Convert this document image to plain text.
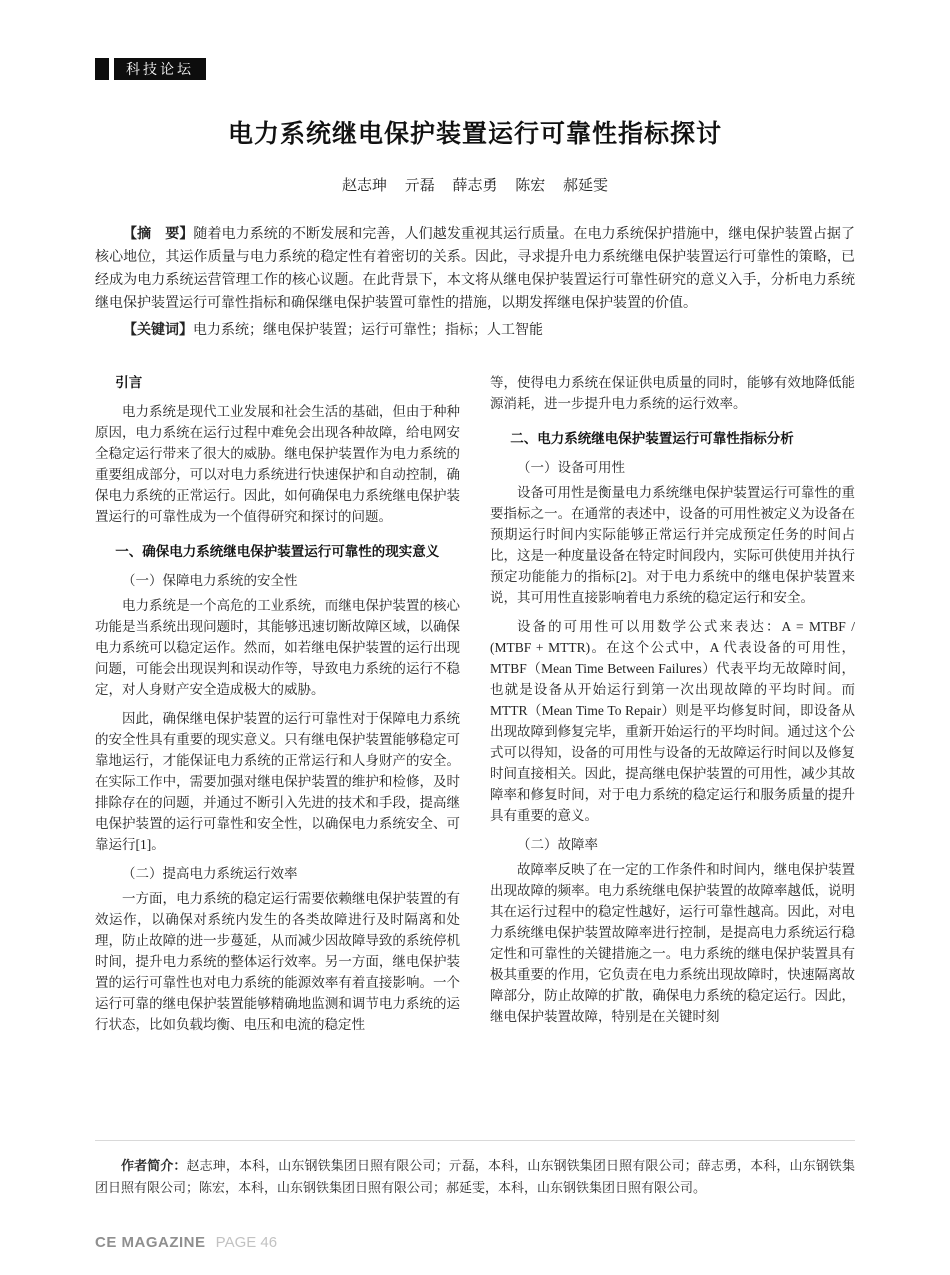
科技论坛
电力系统继电保护装置运行可靠性指标探讨
赵志珅 亓磊 薛志勇 陈宏 郝延雯

【摘　要】随着电力系统的不断发展和完善，人们越发重视其运行质量。在电力系统保护措施中，继电保护装置占据了核心地位，其运作质量与电力系统的稳定性有着密切的关系。因此，寻求提升电力系统继电保护装置运行可靠性的策略，已经成为电力系统运营管理工作的核心议题。在此背景下，本文将从继电保护装置运行可靠性研究的意义入手，分析电力系统继电保护装置运行可靠性指标和确保继电保护装置可靠性的措施，以期发挥继电保护装置的价值。

【关键词】电力系统；继电保护装置；运行可靠性；指标；人工智能

引言

电力系统是现代工业发展和社会生活的基础，但由于种种原因，电力系统在运行过程中难免会出现各种故障，给电网安全稳定运行带来了很大的威胁。继电保护装置作为电力系统的重要组成部分，可以对电力系统进行快速保护和自动控制，确保电力系统的正常运行。因此，如何确保电力系统继电保护装置运行的可靠性成为一个值得研究和探讨的问题。

一、确保电力系统继电保护装置运行可靠性的现实意义

（一）保障电力系统的安全性

电力系统是一个高危的工业系统，而继电保护装置的核心功能是当系统出现问题时，其能够迅速切断故障区域，以确保电力系统可以稳定运作。然而，如若继电保护装置的运行出现问题，可能会出现误判和误动作等，导致电力系统的运行不稳定，对人身财产安全造成极大的威胁。

因此，确保继电保护装置的运行可靠性对于保障电力系统的安全性具有重要的现实意义。只有继电保护装置能够稳定可靠地运行，才能保证电力系统的正常运行和人身财产的安全。在实际工作中，需要加强对继电保护装置的维护和检修，及时排除存在的问题，并通过不断引入先进的技术和手段，提高继电保护装置的运行可靠性和安全性，以确保电力系统安全、可靠运行[1]。

（二）提高电力系统运行效率

一方面，电力系统的稳定运行需要依赖继电保护装置的有效运作，以确保对系统内发生的各类故障进行及时隔离和处理，防止故障的进一步蔓延，从而减少因故障导致的系统停机时间，提升电力系统的整体运行效率。另一方面，继电保护装置的运行可靠性也对电力系统的能源效率有着直接影响。一个运行可靠的继电保护装置能够精确地监测和调节电力系统的运行状态，比如负载均衡、电压和电流的稳定性

等，使得电力系统在保证供电质量的同时，能够有效地降低能源消耗，进一步提升电力系统的运行效率。

二、电力系统继电保护装置运行可靠性指标分析

（一）设备可用性

设备可用性是衡量电力系统继电保护装置运行可靠性的重要指标之一。在通常的表述中，设备的可用性被定义为设备在预期运行时间内实际能够正常运行并完成预定任务的时间占比，这是一种度量设备在特定时间段内，实际可供使用并执行预定功能能力的指标[2]。对于电力系统中的继电保护装置来说，其可用性直接影响着电力系统的稳定运行和安全。

设备的可用性可以用数学公式来表达：A = MTBF / (MTBF + MTTR)。在这个公式中，A 代表设备的可用性，MTBF（Mean Time Between Failures）代表平均无故障时间，也就是设备从开始运行到第一次出现故障的平均时间。而 MTTR（Mean Time To Repair）则是平均修复时间，即设备从出现故障到修复完毕，重新开始运行的平均时间。通过这个公式可以得知，设备的可用性与设备的无故障运行时间以及修复时间直接相关。因此，提高继电保护装置的可用性，减少其故障率和修复时间，对于电力系统的稳定运行和服务质量的提升具有重要的意义。

（二）故障率

故障率反映了在一定的工作条件和时间内，继电保护装置出现故障的频率。电力系统继电保护装置的故障率越低，说明其在运行过程中的稳定性越好，运行可靠性越高。因此，对电力系统继电保护装置故障率进行控制，是提高电力系统运行稳定性和可靠性的关键措施之一。电力系统的继电保护装置具有极其重要的作用，它负责在电力系统出现故障时，快速隔离故障部分，防止故障的扩散，确保电力系统的稳定运行。因此，继电保护装置故障，特别是在关键时刻

作者简介：赵志珅，本科，山东钢铁集团日照有限公司；亓磊，本科，山东钢铁集团日照有限公司；薛志勇，本科，山东钢铁集团日照有限公司；陈宏，本科，山东钢铁集团日照有限公司；郝延雯，本科，山东钢铁集团日照有限公司。

CE MAGAZINE PAGE 46
